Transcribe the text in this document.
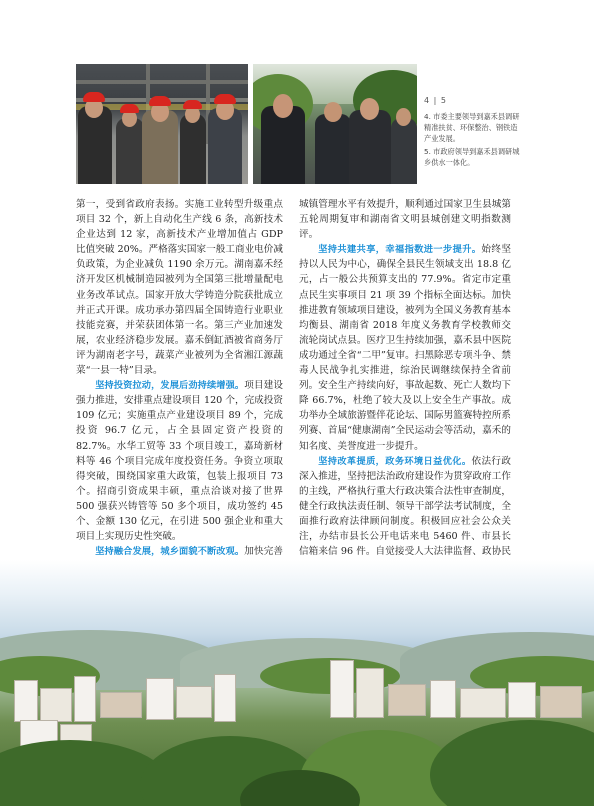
4 | 5
4. 市委主要领导到嘉禾县调研精准扶贫、环保整治、钢铁造产业发展。
5. 市政府领导到嘉禾县调研城乡供水一体化。

第一，受到省政府表扬。实施工业转型升级重点项目 32 个，新上自动化生产线 6 条，高新技术企业达到 12 家，高新技术产业增加值占 GDP 比值突破 20%。严格落实国家一般工商业电价减负政策，为企业减负 1190 余万元。湖南嘉禾经济开发区机械制造园被列为全国第三批增量配电业务改革试点。国家开放大学铸造分院获批成立并正式开课。成功承办第四届全国铸造行业职业技能竞赛，并荣获团体第一名。第三产业加速发展，农业经济稳步发展。嘉禾倒缸酒被省商务厅评为湖南老字号，蔬菜产业被列为全省湘江源蔬菜“一县一特”目录。

坚持投资拉动，发展后劲持续增强。项目建设强力推进，安排重点建设项目 120 个，完成投资 109 亿元；实施重点产业建设项目 89 个，完成投资 96.7 亿元，占全县固定资产投资的 82.7%。水华工贸等 33 个项目竣工，嘉琦新材料等 46 个项目完成年度投资任务。争资立项取得突破，围绕国家重大政策，包装上报项目 73 个。招商引资成果丰硕，重点洽谈对接了世界 500 强获兴铸管等 50 多个项目，成功签约 45 个、金额 130 亿元，在引进 500 强企业和重大项目上实现历史性突破。

坚持融合发展，城乡面貌不断改观。加快完善

城镇管理水平有效提升，顺利通过国家卫生县城第五轮周期复审和湖南省文明县城创建文明指数测评。

坚持共建共享，幸福指数进一步提升。始终坚持以人民为中心，确保全县民生领域支出 18.8 亿元，占一般公共预算支出的 77.9%。省定市定重点民生实事项目 21 项 39 个指标全面达标。加快推进教育领域项目建设，被列为全国义务教育基本均衡县、湖南省 2018 年度义务教育学校教师交流轮岗试点县。医疗卫生持续加强，嘉禾县中医院成功通过全省“二甲”复审。扫黑除恶专项斗争、禁毒人民战争扎实推进，综治民调继续保持全省前列。安全生产持续向好，事故起数、死亡人数均下降 66.7%，杜绝了较大及以上安全生产事故。成功举办全域旅游暨伴花论坛、国际男篮赛特控所系列赛、首届“健康湖南”全民运动会等活动，嘉禾的知名度、美誉度进一步提升。

坚持改革提质，政务环境日益优化。依法行政深入推进，坚持把法治政府建设作为贯穿政府工作的主线，严格执行重大行政决策合法性审查制度，健全行政执法责任制、领导干部学法考试制度，全面推行政府法律顾问制度。积极回应社会公众关注，办结市县长公开电话来电 5460 件、市县长信箱来信 96 件。自觉接受人大法律监督、政协民
